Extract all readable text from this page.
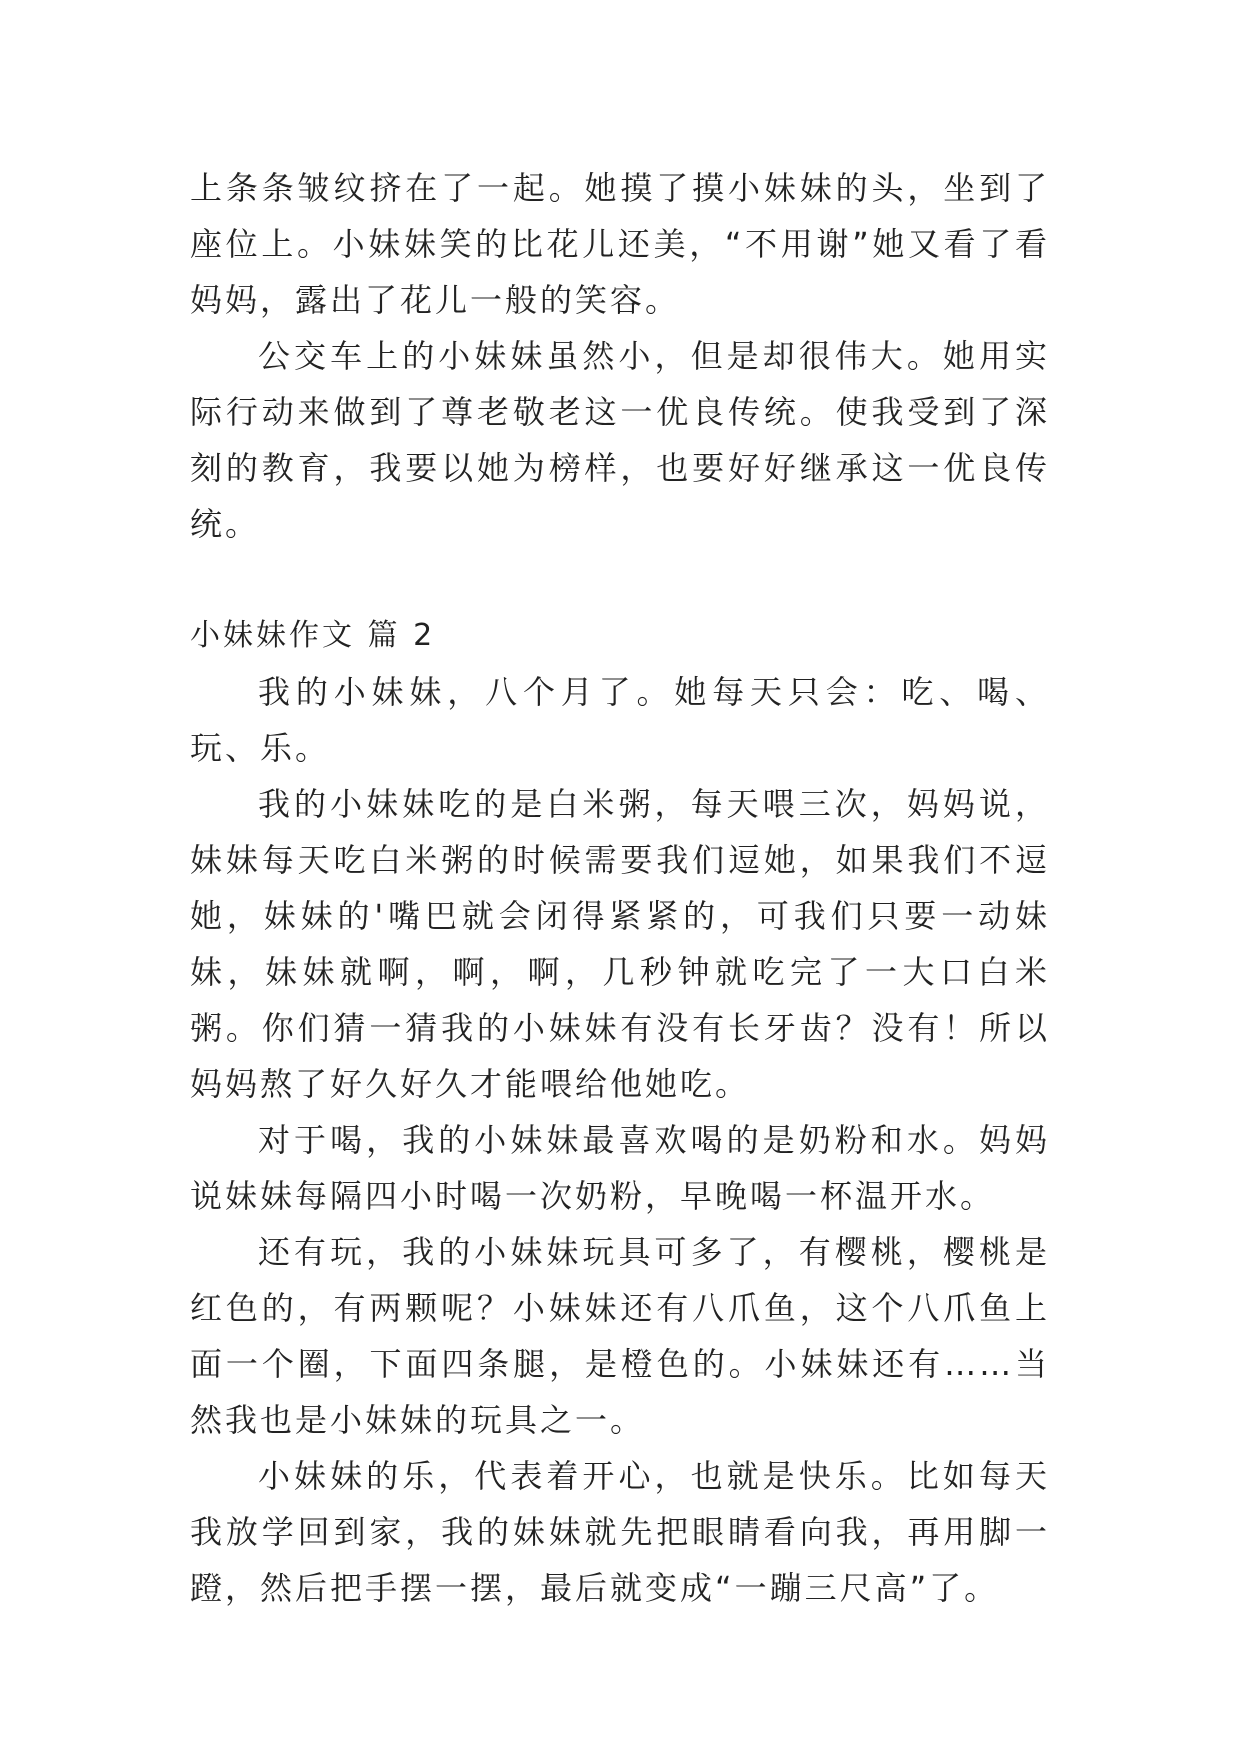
上条条皱纹挤在了一起。她摸了摸小妹妹的头，坐到了座位上。小妹妹笑的比花儿还美，“不用谢”她又看了看妈妈，露出了花儿一般的笑容。

公交车上的小妹妹虽然小，但是却很伟大。她用实际行动来做到了尊老敬老这一优良传统。使我受到了深刻的教育，我要以她为榜样，也要好好继承这一优良传统。

小妹妹作文 篇 2

我的小妹妹，八个月了。她每天只会：吃、喝、玩、乐。

我的小妹妹吃的是白米粥，每天喂三次，妈妈说，妹妹每天吃白米粥的时候需要我们逗她，如果我们不逗她，妹妹的'嘴巴就会闭得紧紧的，可我们只要一动妹妹，妹妹就啊，啊，啊，几秒钟就吃完了一大口白米粥。你们猜一猜我的小妹妹有没有长牙齿？没有！所以妈妈熬了好久好久才能喂给他她吃。

对于喝，我的小妹妹最喜欢喝的是奶粉和水。妈妈说妹妹每隔四小时喝一次奶粉，早晚喝一杯温开水。

还有玩，我的小妹妹玩具可多了，有樱桃，樱桃是红色的，有两颗呢？小妹妹还有八爪鱼，这个八爪鱼上面一个圈，下面四条腿，是橙色的。小妹妹还有……当然我也是小妹妹的玩具之一。

小妹妹的乐，代表着开心，也就是快乐。比如每天我放学回到家，我的妹妹就先把眼睛看向我，再用脚一蹬，然后把手摆一摆，最后就变成“一蹦三尺高”了。
